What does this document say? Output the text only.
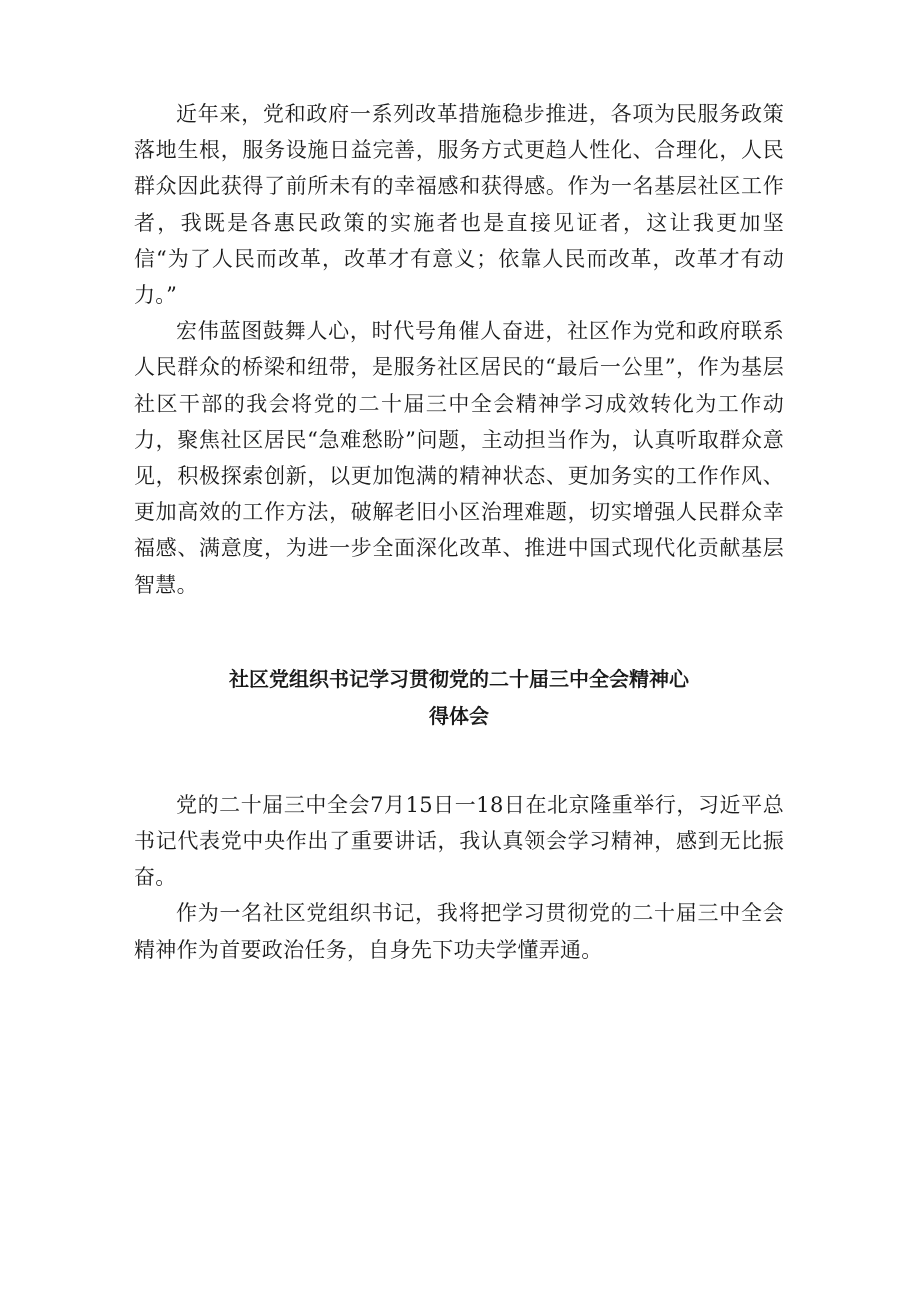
近年来，党和政府一系列改革措施稳步推进，各项为民服务政策落地生根，服务设施日益完善，服务方式更趋人性化、合理化，人民群众因此获得了前所未有的幸福感和获得感。作为一名基层社区工作者，我既是各惠民政策的实施者也是直接见证者，这让我更加坚信“为了人民而改革，改革才有意义；依靠人民而改革，改革才有动力。”

宏伟蓝图鼓舞人心，时代号角催人奋进，社区作为党和政府联系人民群众的桥梁和纽带，是服务社区居民的“最后一公里”，作为基层社区干部的我会将党的二十届三中全会精神学习成效转化为工作动力，聚焦社区居民“急难愁盼”问题，主动担当作为，认真听取群众意见，积极探索创新，以更加饱满的精神状态、更加务实的工作作风、更加高效的工作方法，破解老旧小区治理难题，切实增强人民群众幸福感、满意度，为进一步全面深化改革、推进中国式现代化贡献基层智慧。

社区党组织书记学习贯彻党的二十届三中全会精神心
得体会

党的二十届三中全会7月15日一18日在北京隆重举行，习近平总书记代表党中央作出了重要讲话，我认真领会学习精神，感到无比振奋。

作为一名社区党组织书记，我将把学习贯彻党的二十届三中全会精神作为首要政治任务，自身先下功夫学懂弄通。
